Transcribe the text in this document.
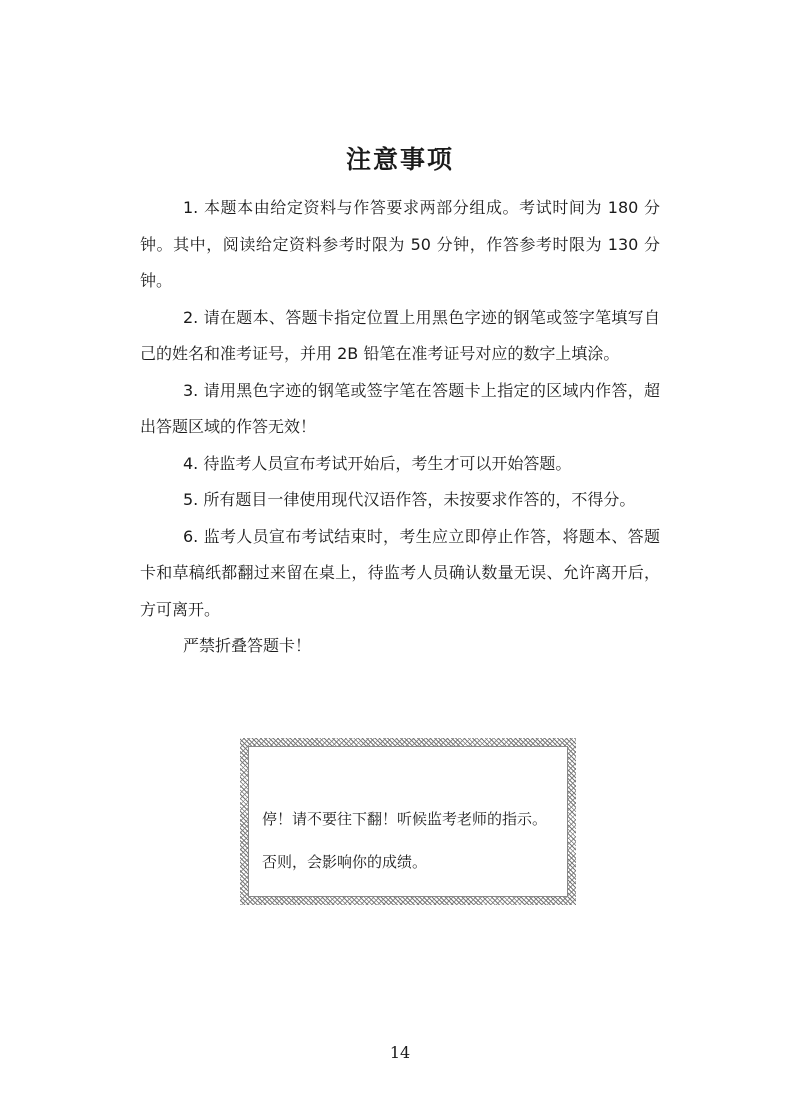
注意事项

1. 本题本由给定资料与作答要求两部分组成。考试时间为 180 分钟。其中，阅读给定资料参考时限为 50 分钟，作答参考时限为 130 分钟。

2. 请在题本、答题卡指定位置上用黑色字迹的钢笔或签字笔填写自己的姓名和准考证号，并用 2B 铅笔在准考证号对应的数字上填涂。

3. 请用黑色字迹的钢笔或签字笔在答题卡上指定的区域内作答，超出答题区域的作答无效！

4. 待监考人员宣布考试开始后，考生才可以开始答题。

5. 所有题目一律使用现代汉语作答，未按要求作答的，不得分。

6. 监考人员宣布考试结束时，考生应立即停止作答，将题本、答题卡和草稿纸都翻过来留在桌上，待监考人员确认数量无误、允许离开后，方可离开。

严禁折叠答题卡！

停！请不要往下翻！听候监考老师的指示。
否则，会影响你的成绩。
14
